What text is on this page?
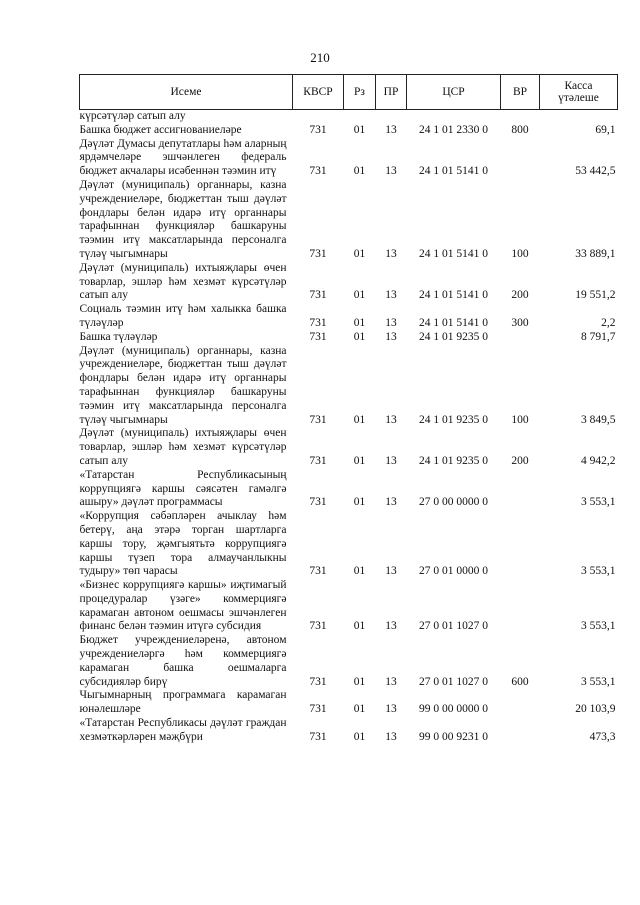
210
Исеме	КВСР	Рз	ПР	ЦСР	ВР	Касса
үтәлеше
күрсәтүләр сатып алу						
Башка бюджет ассигнованиеләре	731	01	13	24 1 01 2330 0	800	69,1
Дәүләт Думасы депутатлары һәм аларның ярдәмчеләре эшчәнлеген федераль бюджет акчалары исәбеннән тәэмин итү	731	01	13	24 1 01 5141 0		53 442,5
Дәүләт (муниципаль) органнары, казна учреждениеләре, бюджеттан тыш дәүләт фондлары белән идарә итү органнары тарафыннан функцияләр башкаруны тәэмин итү максатларында персоналга түләү чыгымнары	731	01	13	24 1 01 5141 0	100	33 889,1
Дәүләт (муниципаль) ихтыяҗлары өчен товарлар, эшләр һәм хезмәт күрсәтүләр сатып алу	731	01	13	24 1 01 5141 0	200	19 551,2
Социаль тәэмин итү һәм халыкка башка түләүләр	731	01	13	24 1 01 5141 0	300	2,2
Башка түләүләр	731	01	13	24 1 01 9235 0		8 791,7
Дәүләт (муниципаль) органнары, казна учреждениеләре, бюджеттан тыш дәүләт фондлары белән идарә итү органнары тарафыннан функцияләр башкаруны тәэмин итү максатларында персоналга түләү чыгымнары	731	01	13	24 1 01 9235 0	100	3 849,5
Дәүләт (муниципаль) ихтыяҗлары өчен товарлар, эшләр һәм хезмәт күрсәтүләр сатып алу	731	01	13	24 1 01 9235 0	200	4 942,2
«Татарстан Республикасының коррупциягә каршы сәясәтен гамәлгә ашыру» дәүләт программасы	731	01	13	27 0 00 0000 0		3 553,1
«Коррупция сәбәпләрен ачыклау һәм бетерү, аңа этәрә торган шартларга каршы тору, җәмгыятьтә коррупциягә каршы түзеп тора алмаучанлыкны тудыру» төп чарасы	731	01	13	27 0 01 0000 0		3 553,1
«Бизнес коррупциягә каршы» иҗтимагый процедуралар үзәге» коммерциягә карамаган автоном оешмасы эшчәнлеген финанс белән тәэмин итүгә субсидия	731	01	13	27 0 01 1027 0		3 553,1
Бюджет учреждениеләренә, автоном учреждениеләргә һәм коммерциягә карамаган башка оешмаларга субсидияләр бирү	731	01	13	27 0 01 1027 0	600	3 553,1
Чыгымнарның программага карамаган юнәлешләре	731	01	13	99 0 00 0000 0		20 103,9
«Татарстан Республикасы дәүләт граждан хезмәткәрләрен мәҗбүри	731	01	13	99 0 00 9231 0		473,3
